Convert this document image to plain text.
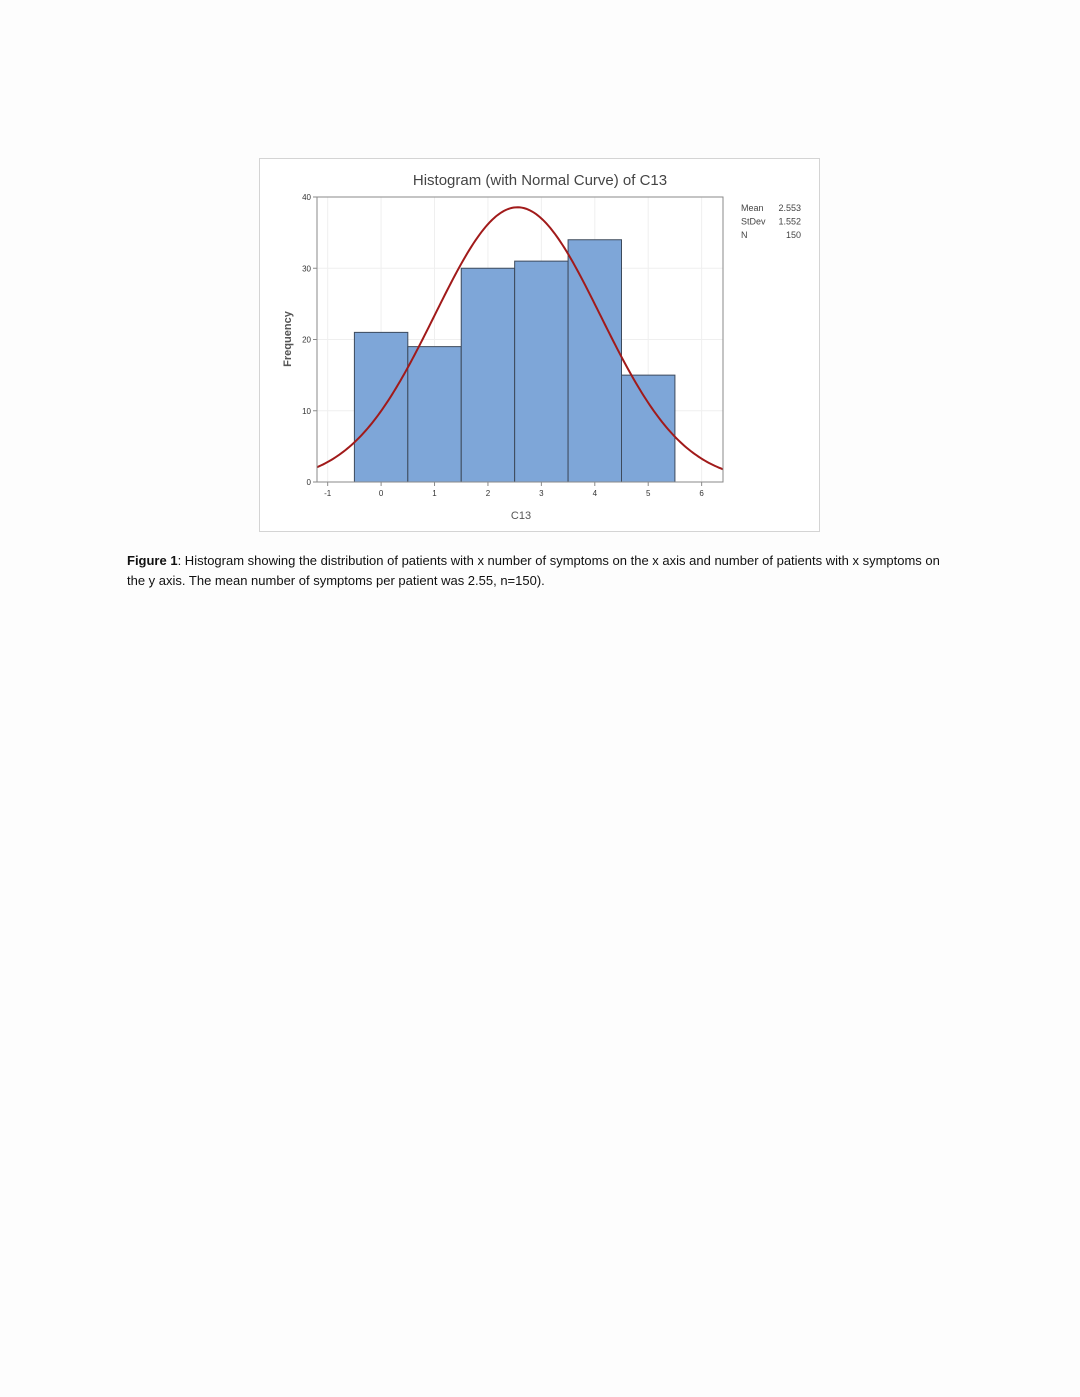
Histogram (with Normal Curve) of C13
-1	0	1	2	3	4	5	6
0
10
20
30
40
C13
Frequency
Mean 2.553
StDev 1.552
N	150
Figure 1: Histogram showing the distribution of patients with x number of symptoms on the x axis and number of patients with x symptoms on the y axis. The mean number of symptoms per patient was 2.55, n=150).
